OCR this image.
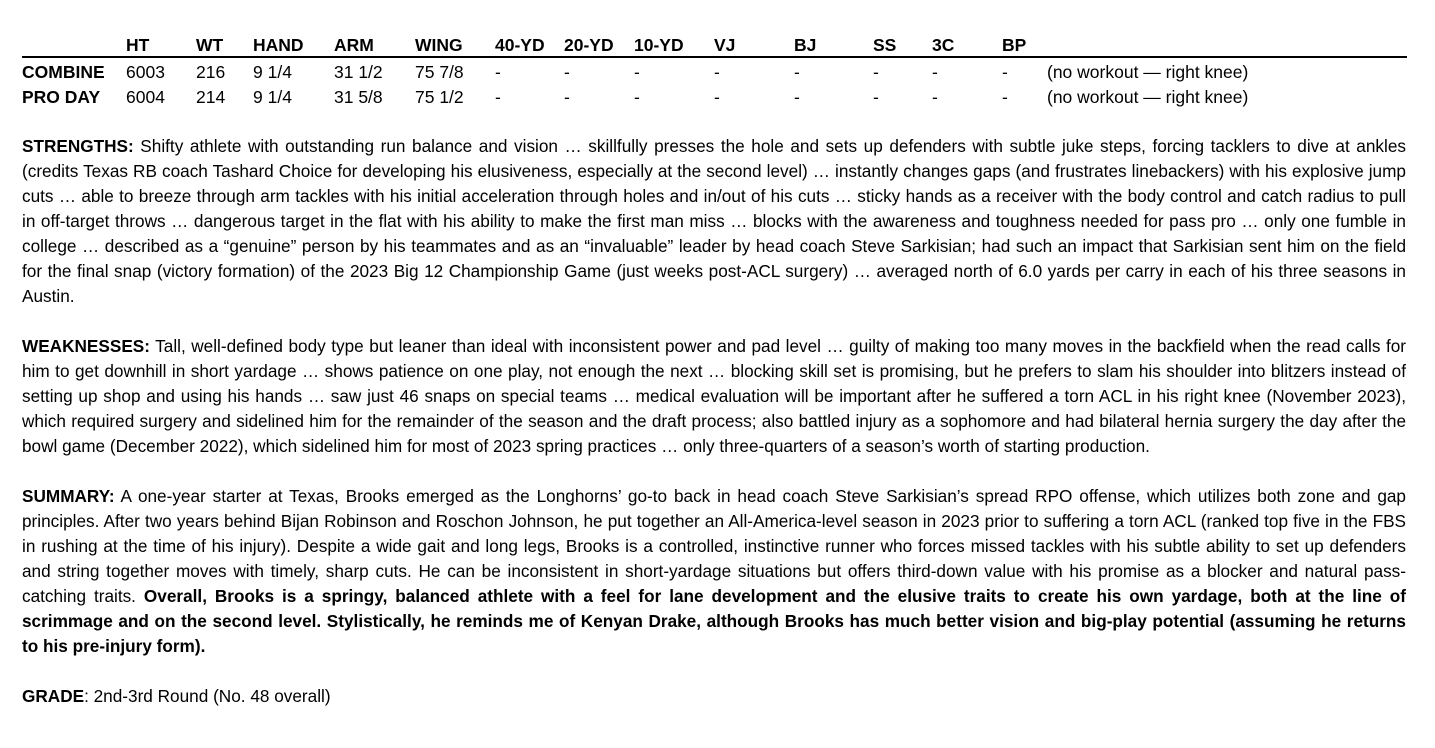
	HT	WT	HAND	ARM	WING	40-YD	20-YD	10-YD	VJ	BJ	SS	3C	BP	
COMBINE	6003	216	9 1/4	31 1/2	75 7/8	-	-	-	-	-	-	-	-	(no workout — right knee)
PRO DAY	6004	214	9 1/4	31 5/8	75 1/2	-	-	-	-	-	-	-	-	(no workout — right knee)

STRENGTHS: Shifty athlete with outstanding run balance and vision … skillfully presses the hole and sets up defenders with subtle juke steps, forcing tacklers to dive at ankles (credits Texas RB coach Tashard Choice for developing his elusiveness, especially at the second level) … instantly changes gaps (and frustrates linebackers) with his explosive jump cuts … able to breeze through arm tackles with his initial acceleration through holes and in/out of his cuts … sticky hands as a receiver with the body control and catch radius to pull in off-target throws … dangerous target in the flat with his ability to make the first man miss … blocks with the awareness and toughness needed for pass pro … only one fumble in college … described as a “genuine” person by his teammates and as an “invaluable” leader by head coach Steve Sarkisian; had such an impact that Sarkisian sent him on the field for the final snap (victory formation) of the 2023 Big 12 Championship Game (just weeks post-ACL surgery) … averaged north of 6.0 yards per carry in each of his three seasons in Austin.

WEAKNESSES: Tall, well-defined body type but leaner than ideal with inconsistent power and pad level … guilty of making too many moves in the backfield when the read calls for him to get downhill in short yardage … shows patience on one play, not enough the next … blocking skill set is promising, but he prefers to slam his shoulder into blitzers instead of setting up shop and using his hands … saw just 46 snaps on special teams … medical evaluation will be important after he suffered a torn ACL in his right knee (November 2023), which required surgery and sidelined him for the remainder of the season and the draft process; also battled injury as a sophomore and had bilateral hernia surgery the day after the bowl game (December 2022), which sidelined him for most of 2023 spring practices … only three-quarters of a season’s worth of starting production.

SUMMARY: A one-year starter at Texas, Brooks emerged as the Longhorns’ go-to back in head coach Steve Sarkisian’s spread RPO offense, which utilizes both zone and gap principles. After two years behind Bijan Robinson and Roschon Johnson, he put together an All-America-level season in 2023 prior to suffering a torn ACL (ranked top five in the FBS in rushing at the time of his injury). Despite a wide gait and long legs, Brooks is a controlled, instinctive runner who forces missed tackles with his subtle ability to set up defenders and string together moves with timely, sharp cuts. He can be inconsistent in short-yardage situations but offers third-down value with his promise as a blocker and natural pass-catching traits. Overall, Brooks is a springy, balanced athlete with a feel for lane development and the elusive traits to create his own yardage, both at the line of scrimmage and on the second level. Stylistically, he reminds me of Kenyan Drake, although Brooks has much better vision and big-play potential (assuming he returns to his pre-injury form).

GRADE: 2nd-3rd Round (No. 48 overall)
